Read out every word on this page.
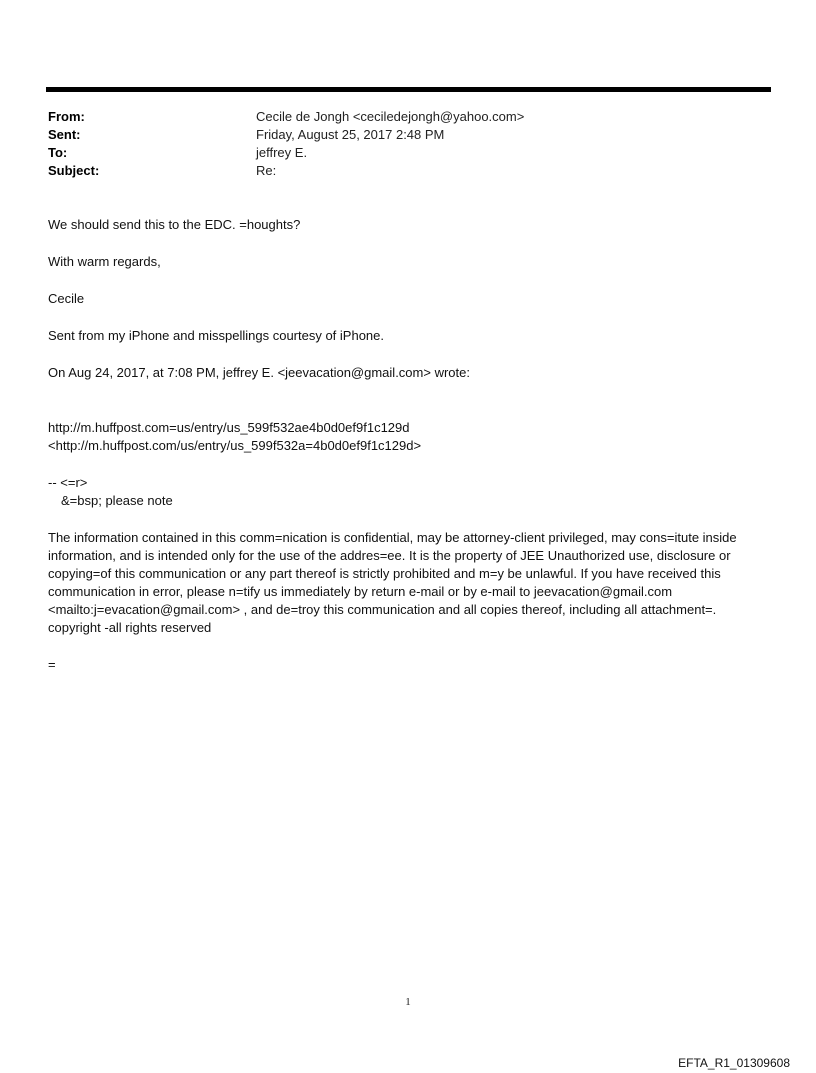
From:	Cecile de Jongh <ceciledejongh@yahoo.com>
Sent:	Friday, August 25, 2017 2:48 PM
To:	jeffrey E.
Subject:	Re:

We should send this to the EDC. =houghts?

With warm regards,

Cecile

Sent from my iPhone and misspellings courtesy of iPhone.

On Aug 24, 2017, at 7:08 PM, jeffrey E. <jeevacation@gmail.com> wrote:

http://m.huffpost.com=us/entry/us_599f532ae4b0d0ef9f1c129d

<http://m.huffpost.com/us/entry/us_599f532a=4b0d0ef9f1c129d>

-- <=r>

&=bsp; please note

The information contained in this comm=nication is confidential, may be attorney-client privileged, may cons=itute inside information, and is intended only for the use of the addres=ee. It is the property of JEE Unauthorized use, disclosure or copying=of this communication or any part thereof is strictly prohibited and m=y be unlawful. If you have received this communication in error, please n=tify us immediately by return e-mail or by e-mail to jeevacation@gmail.com <mailto:j=evacation@gmail.com> , and de=troy this communication and all copies thereof, including all attachment=. copyright -all rights reserved

=

1
EFTA_R1_01309608
